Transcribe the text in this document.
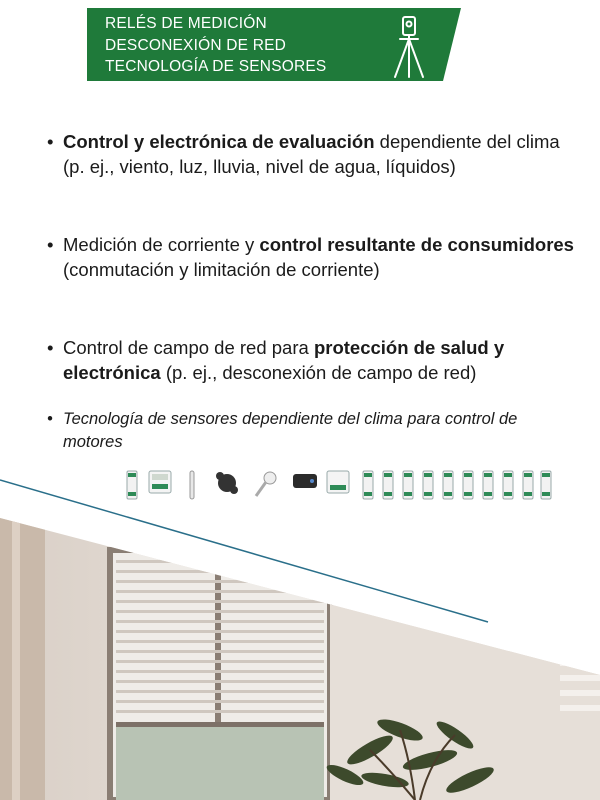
RELÉS DE MEDICIÓN
DESCONEXIÓN DE RED
TECNOLOGÍA DE SENSORES
• Control y electrónica de evaluación dependiente del clima (p. ej., viento, luz, lluvia, nivel de agua, líquidos)
• Medición de corriente y control resultante de consumidores (conmutación y limitación de corriente)
• Control de campo de red para protección de salud y electrónica (p. ej., desconexión de campo de red)
• Tecnología de sensores dependiente del clima para control de motores
